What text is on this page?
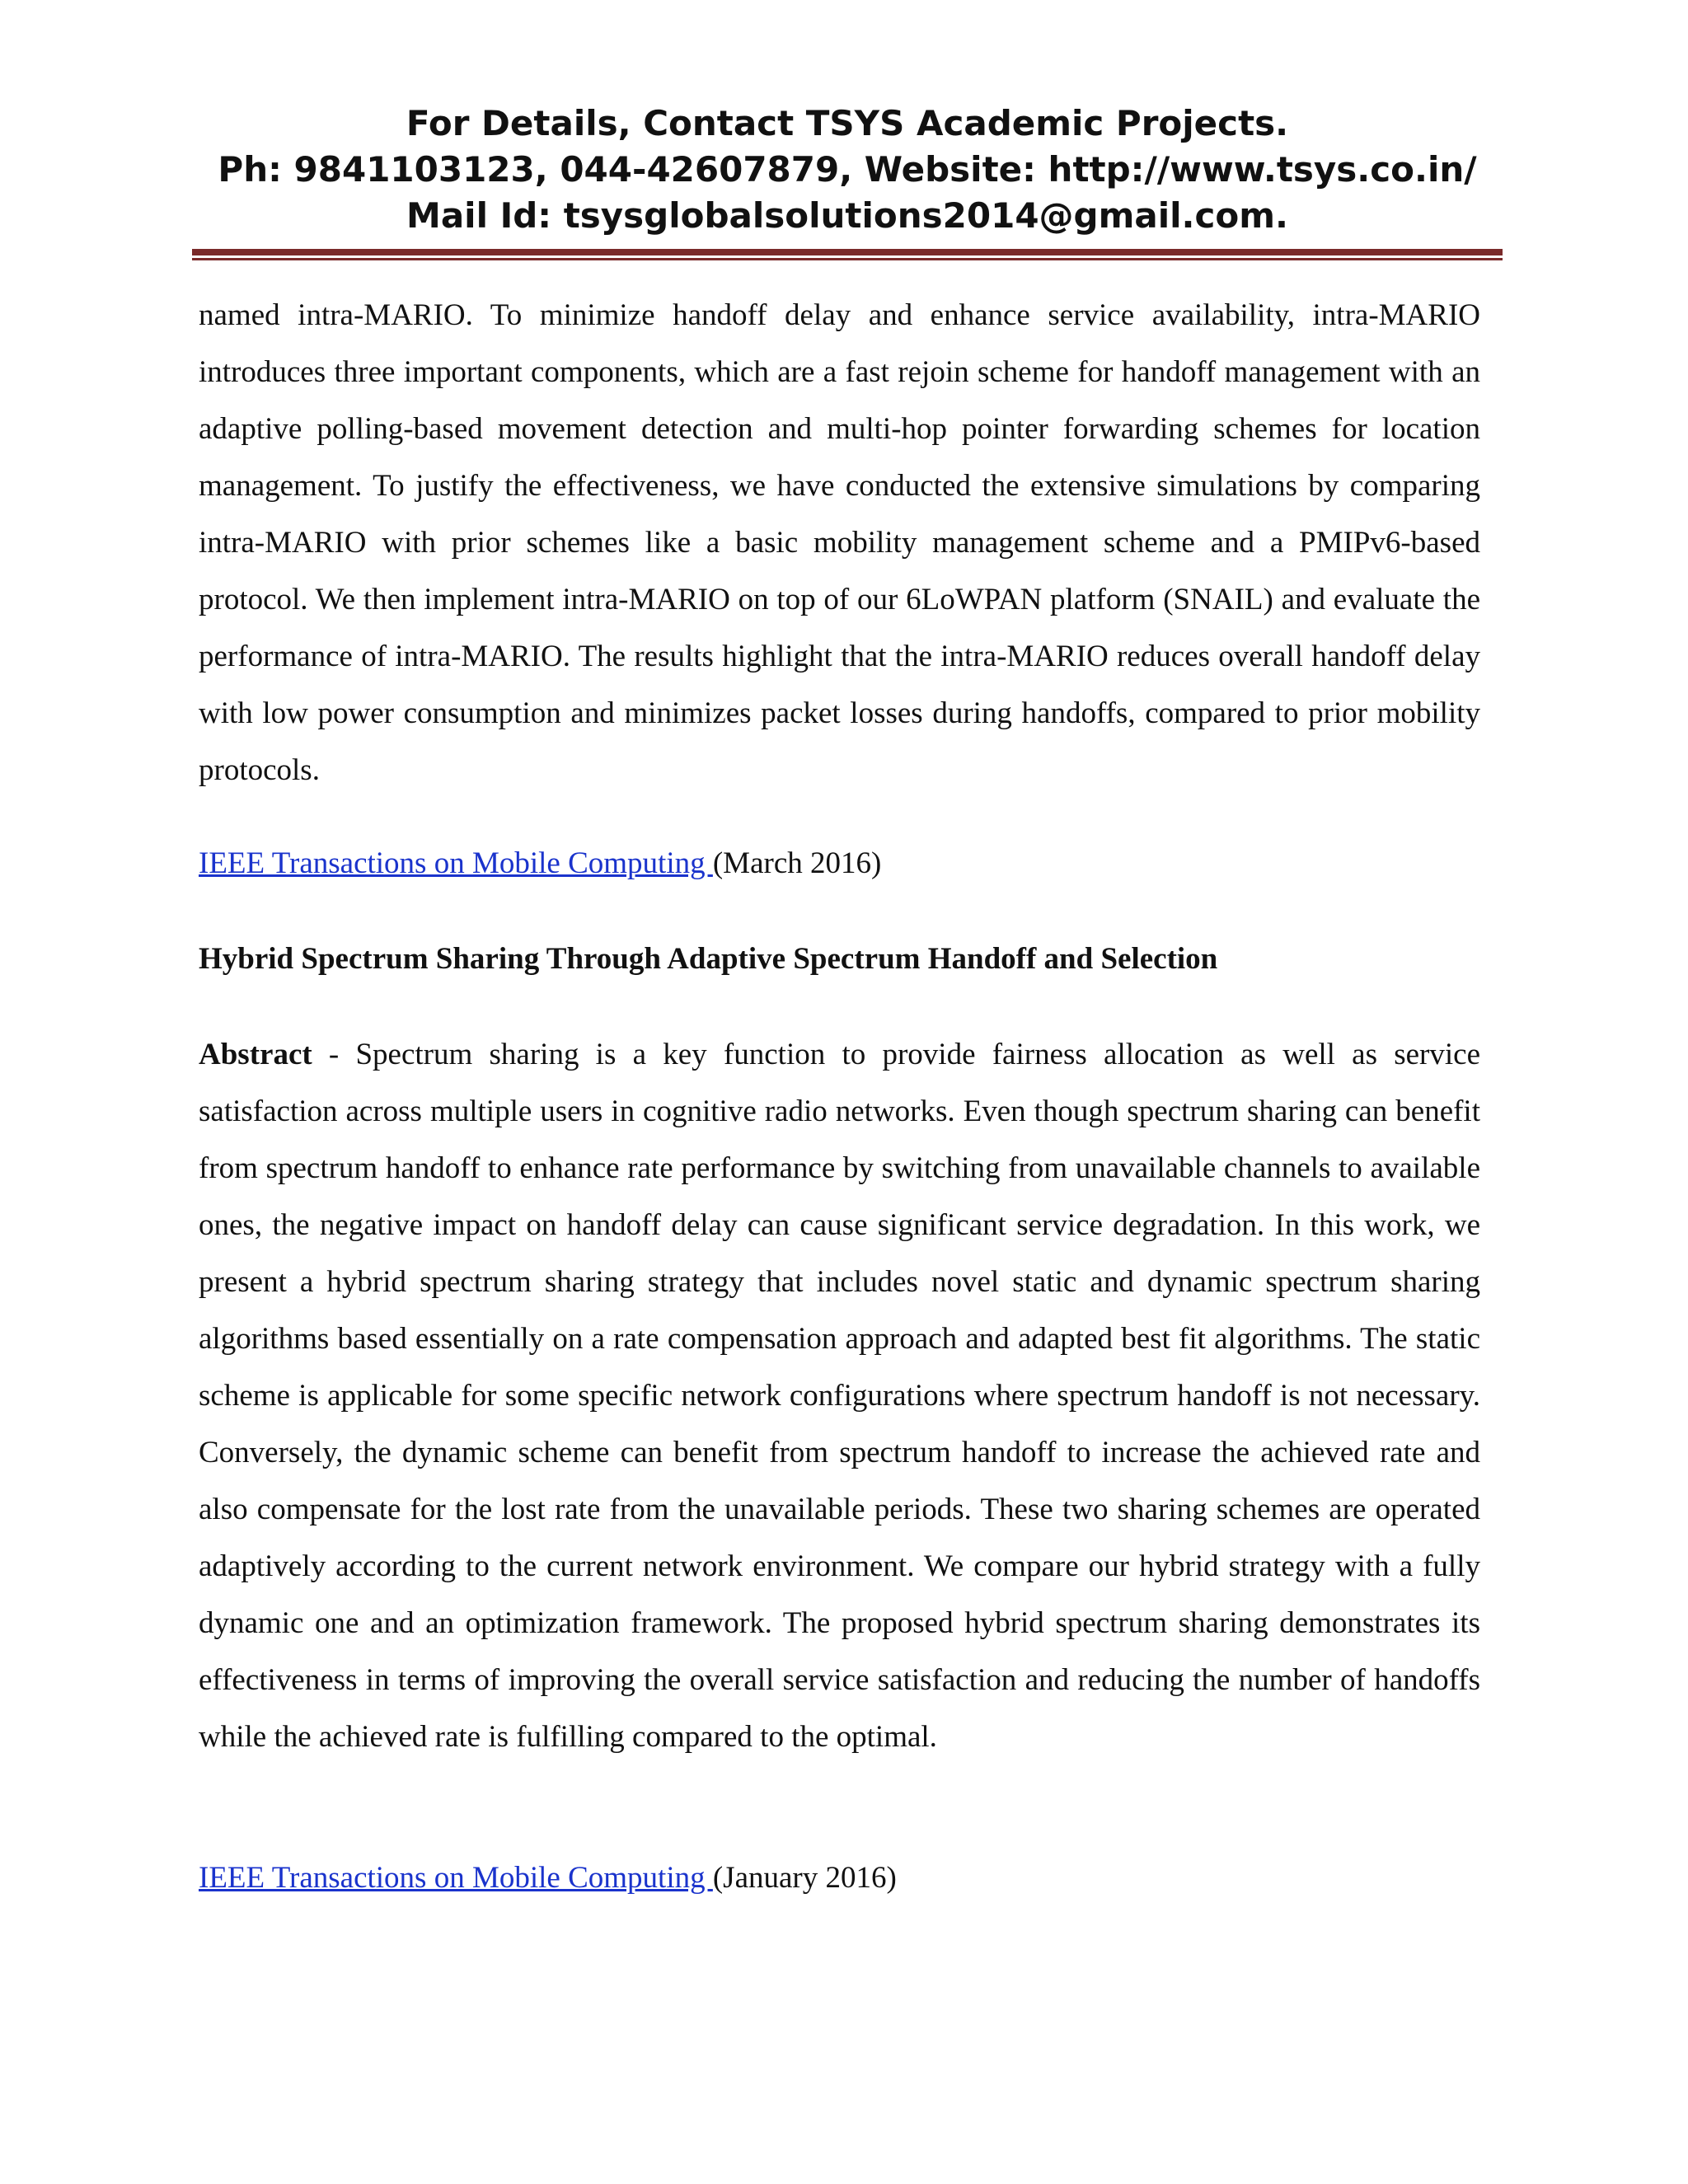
For Details, Contact TSYS Academic Projects.
Ph: 9841103123, 044-42607879, Website: http://www.tsys.co.in/
Mail Id: tsysglobalsolutions2014@gmail.com.

named intra-MARIO. To minimize handoff delay and enhance service availability, intra-MARIO introduces three important components, which are a fast rejoin scheme for handoff management with an adaptive polling-based movement detection and multi-hop pointer forwarding schemes for location management. To justify the effectiveness, we have conducted the extensive simulations by comparing intra-MARIO with prior schemes like a basic mobility management scheme and a PMIPv6-based protocol. We then implement intra-MARIO on top of our 6LoWPAN platform (SNAIL) and evaluate the performance of intra-MARIO. The results highlight that the intra-MARIO reduces overall handoff delay with low power consumption and minimizes packet losses during handoffs, compared to prior mobility protocols.

IEEE Transactions on Mobile Computing (March 2016)
Hybrid Spectrum Sharing Through Adaptive Spectrum Handoff and Selection

Abstract - Spectrum sharing is a key function to provide fairness allocation as well as service satisfaction across multiple users in cognitive radio networks. Even though spectrum sharing can benefit from spectrum handoff to enhance rate performance by switching from unavailable channels to available ones, the negative impact on handoff delay can cause significant service degradation. In this work, we present a hybrid spectrum sharing strategy that includes novel static and dynamic spectrum sharing algorithms based essentially on a rate compensation approach and adapted best fit algorithms. The static scheme is applicable for some specific network configurations where spectrum handoff is not necessary. Conversely, the dynamic scheme can benefit from spectrum handoff to increase the achieved rate and also compensate for the lost rate from the unavailable periods. These two sharing schemes are operated adaptively according to the current network environment. We compare our hybrid strategy with a fully dynamic one and an optimization framework. The proposed hybrid spectrum sharing demonstrates its effectiveness in terms of improving the overall service satisfaction and reducing the number of handoffs while the achieved rate is fulfilling compared to the optimal.

IEEE Transactions on Mobile Computing (January 2016)
